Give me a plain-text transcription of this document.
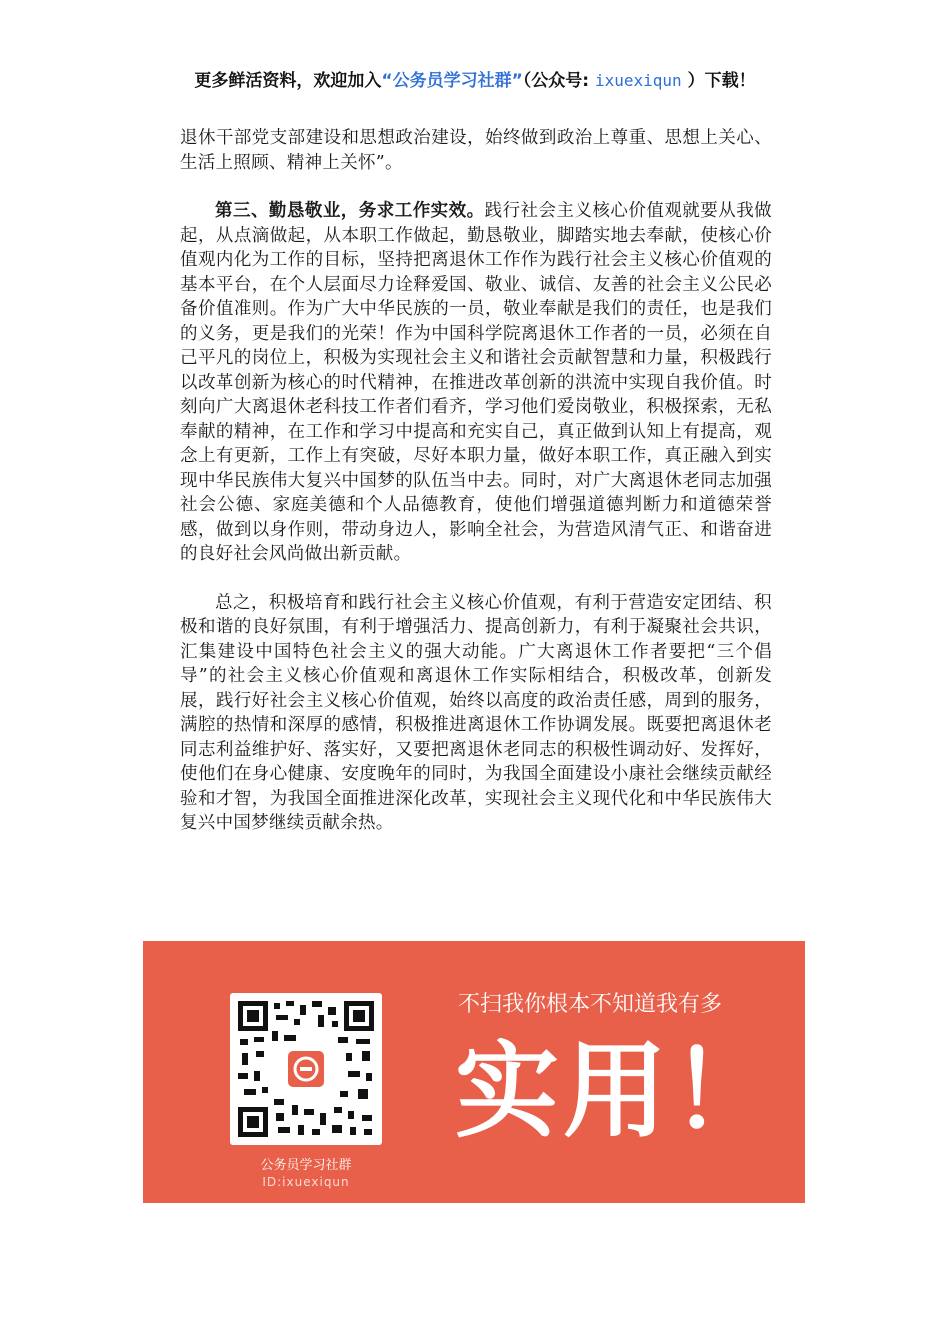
更多鲜活资料，欢迎加入“公务员学习社群”（公众号: ixuexiqun ）下载！

退休干部党支部建设和思想政治建设，始终做到政治上尊重、思想上关心、生活上照顾、精神上关怀”。

第三、勤恳敬业，务求工作实效。践行社会主义核心价值观就要从我做起，从点滴做起，从本职工作做起，勤恳敬业，脚踏实地去奉献，使核心价值观内化为工作的目标，坚持把离退休工作作为践行社会主义核心价值观的基本平台，在个人层面尽力诠释爱国、敬业、诚信、友善的社会主义公民必备价值准则。作为广大中华民族的一员，敬业奉献是我们的责任，也是我们的义务，更是我们的光荣！作为中国科学院离退休工作者的一员，必须在自己平凡的岗位上，积极为实现社会主义和谐社会贡献智慧和力量，积极践行以改革创新为核心的时代精神，在推进改革创新的洪流中实现自我价值。时刻向广大离退休老科技工作者们看齐，学习他们爱岗敬业，积极探索，无私奉献的精神，在工作和学习中提高和充实自己，真正做到认知上有提高，观念上有更新，工作上有突破，尽好本职力量，做好本职工作，真正融入到实现中华民族伟大复兴中国梦的队伍当中去。同时，对广大离退休老同志加强社会公德、家庭美德和个人品德教育，使他们增强道德判断力和道德荣誉感，做到以身作则，带动身边人，影响全社会，为营造风清气正、和谐奋进的良好社会风尚做出新贡献。

总之，积极培育和践行社会主义核心价值观，有利于营造安定团结、积极和谐的良好氛围，有利于增强活力、提高创新力，有利于凝聚社会共识，汇集建设中国特色社会主义的强大动能。广大离退休工作者要把“三个倡导”的社会主义核心价值观和离退休工作实际相结合，积极改革，创新发展，践行好社会主义核心价值观，始终以高度的政治责任感，周到的服务，满腔的热情和深厚的感情，积极推进离退休工作协调发展。既要把离退休老同志利益维护好、落实好，又要把离退休老同志的积极性调动好、发挥好，使他们在身心健康、安度晚年的同时，为我国全面建设小康社会继续贡献经验和才智，为我国全面推进深化改革，实现社会主义现代化和中华民族伟大复兴中国梦继续贡献余热。

公务员学习社群
ID:ixuexiqun
不扫我你根本不知道我有多
实用！
